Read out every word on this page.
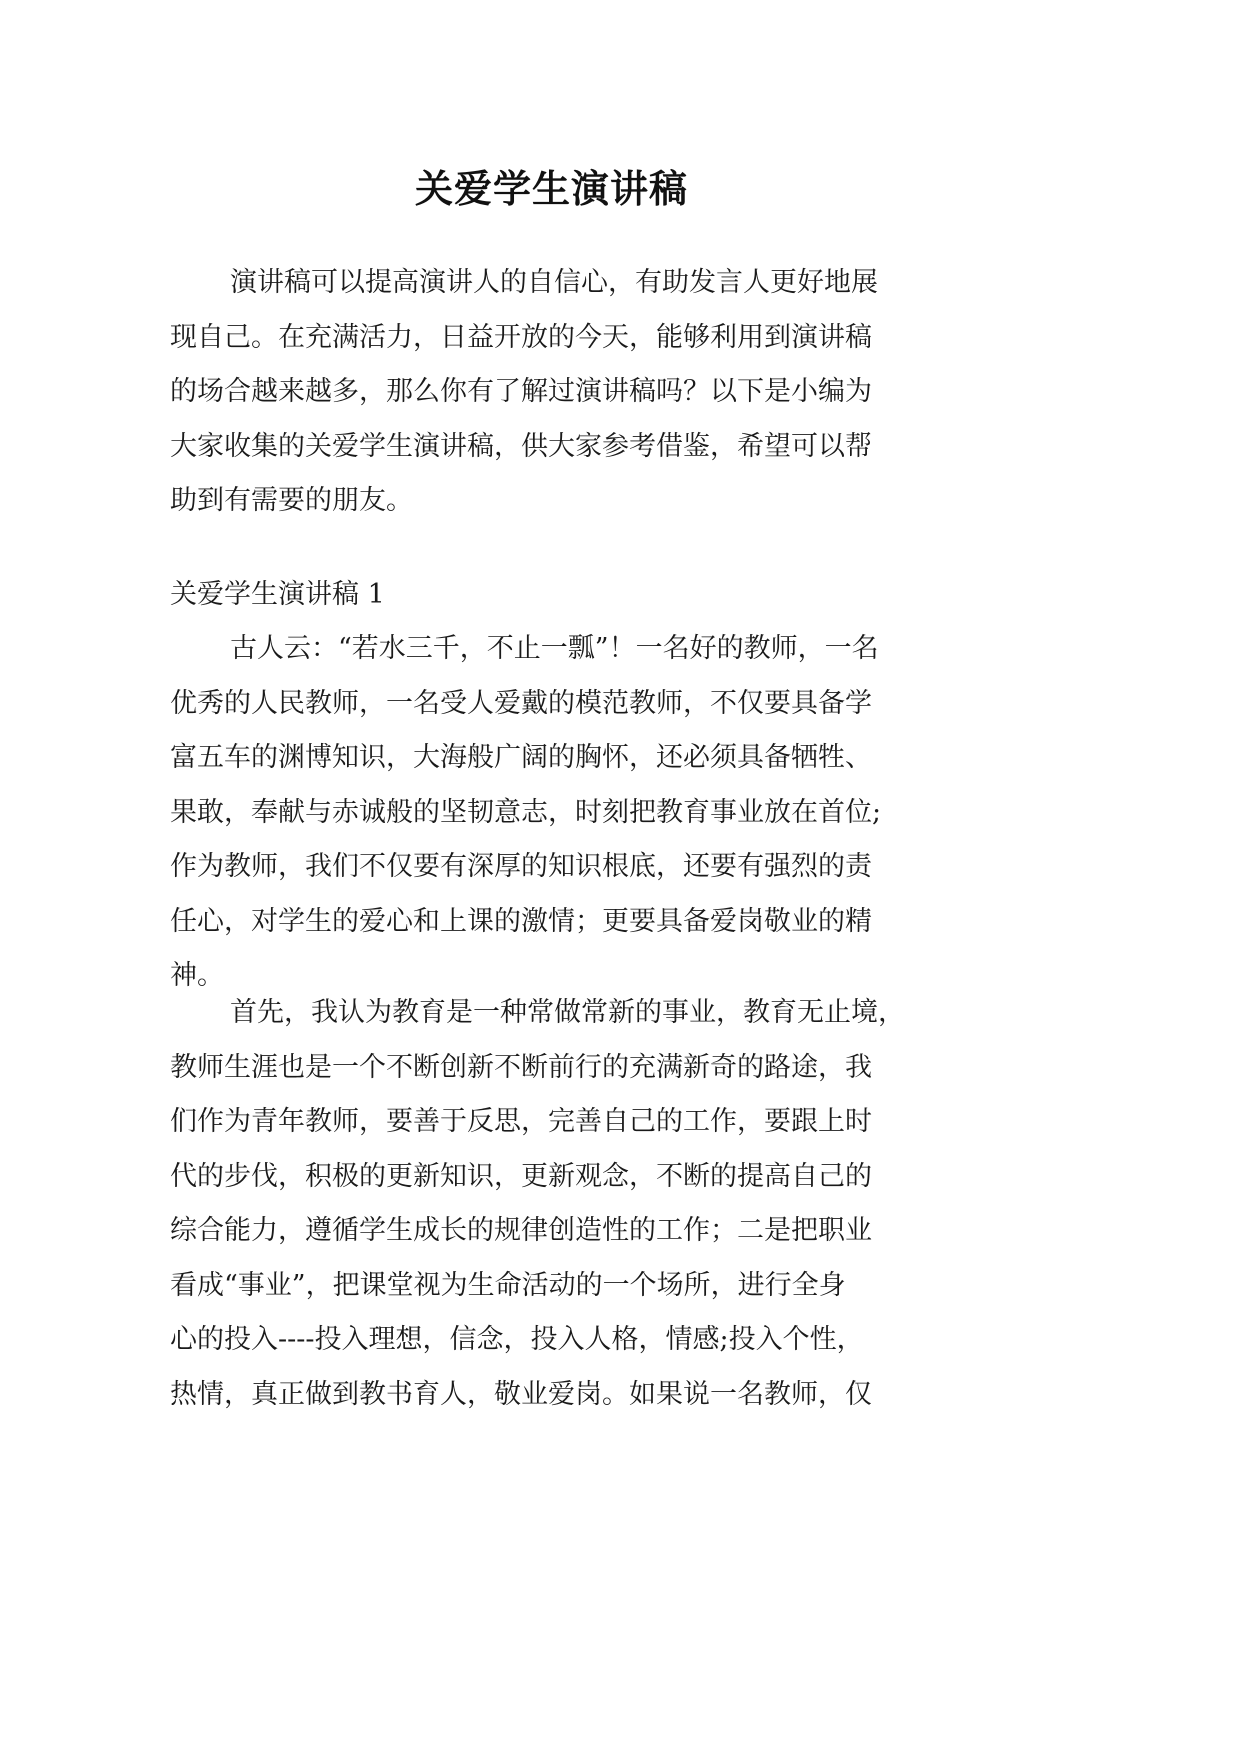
关爱学生演讲稿
演讲稿可以提高演讲人的自信心，有助发言人更好地展
现自己。在充满活力，日益开放的今天，能够利用到演讲稿
的场合越来越多，那么你有了解过演讲稿吗？以下是小编为
大家收集的关爱学生演讲稿，供大家参考借鉴，希望可以帮
助到有需要的朋友。
关爱学生演讲稿 1
古人云：“若水三千，不止一瓢”！一名好的教师，一名
优秀的人民教师，一名受人爱戴的模范教师，不仅要具备学
富五车的渊博知识，大海般广阔的胸怀，还必须具备牺牲、
果敢，奉献与赤诚般的坚韧意志，时刻把教育事业放在首位;
作为教师，我们不仅要有深厚的知识根底，还要有强烈的责
任心，对学生的爱心和上课的激情；更要具备爱岗敬业的精
神。
首先，我认为教育是一种常做常新的事业，教育无止境，
教师生涯也是一个不断创新不断前行的充满新奇的路途，我
们作为青年教师，要善于反思，完善自己的工作，要跟上时
代的步伐，积极的更新知识，更新观念，不断的提高自己的
综合能力，遵循学生成长的规律创造性的工作；二是把职业
看成“事业”，把课堂视为生命活动的一个场所，进行全身
心的投入----投入理想，信念，投入人格，情感;投入个性，
热情，真正做到教书育人，敬业爱岗。如果说一名教师，仅
